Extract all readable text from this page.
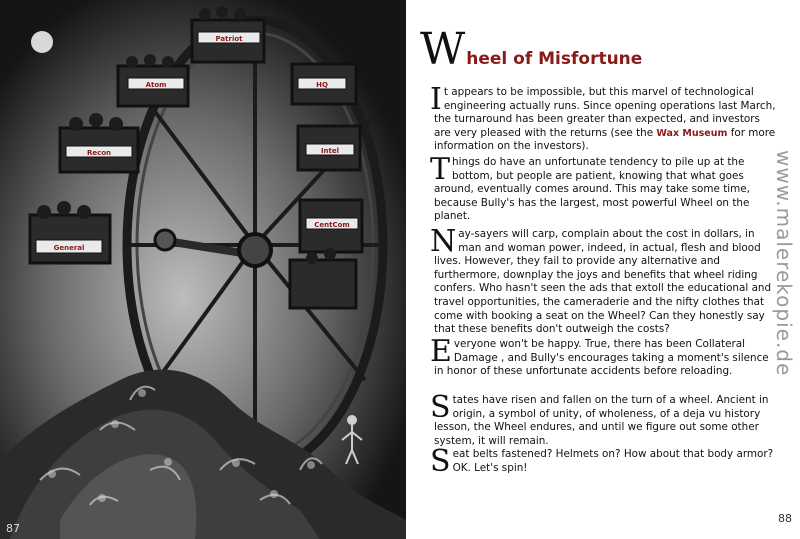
Patriot
Atom	HQ
Recon	Intel
CentCom
General
87
Wheel of Misfortune
It appears to be impossible, but this marvel of technological engineering actually runs. Since opening operations last March, the turnaround has been greater than expected, and investors are very pleased with the returns (see the Wax Museum for more information on the investors).
Things do have an unfortunate tendency to pile up at the bottom, but people are patient, knowing that what goes around, eventually comes around. This may take some time, because Bully's has the largest, most powerful Wheel on the planet.
Nay-sayers will carp, complain about the cost in dollars, in man and woman power, indeed, in actual, flesh and blood lives. However, they fail to provide any alternative and furthermore, downplay the joys and benefits that wheel riding confers. Who hasn't seen the ads that extoll the educational and travel opportunities, the cameraderie and the nifty clothes that come with booking a seat on the Wheel? Can they honestly say that these benefits don't outweigh the costs?
Everyone won't be happy. True, there has been Collateral Damage , and Bully's encourages taking a moment's silence in honor of these unfortunate accidents before reloading.
States have risen and fallen on the turn of a wheel. Ancient in origin, a symbol of unity, of wholeness, of a deja vu history lesson, the Wheel endures, and until we figure out some other system, it will remain.
Seat belts fastened? Helmets on? How about that body armor? OK. Let's spin!
www.malerekopie.de
88
